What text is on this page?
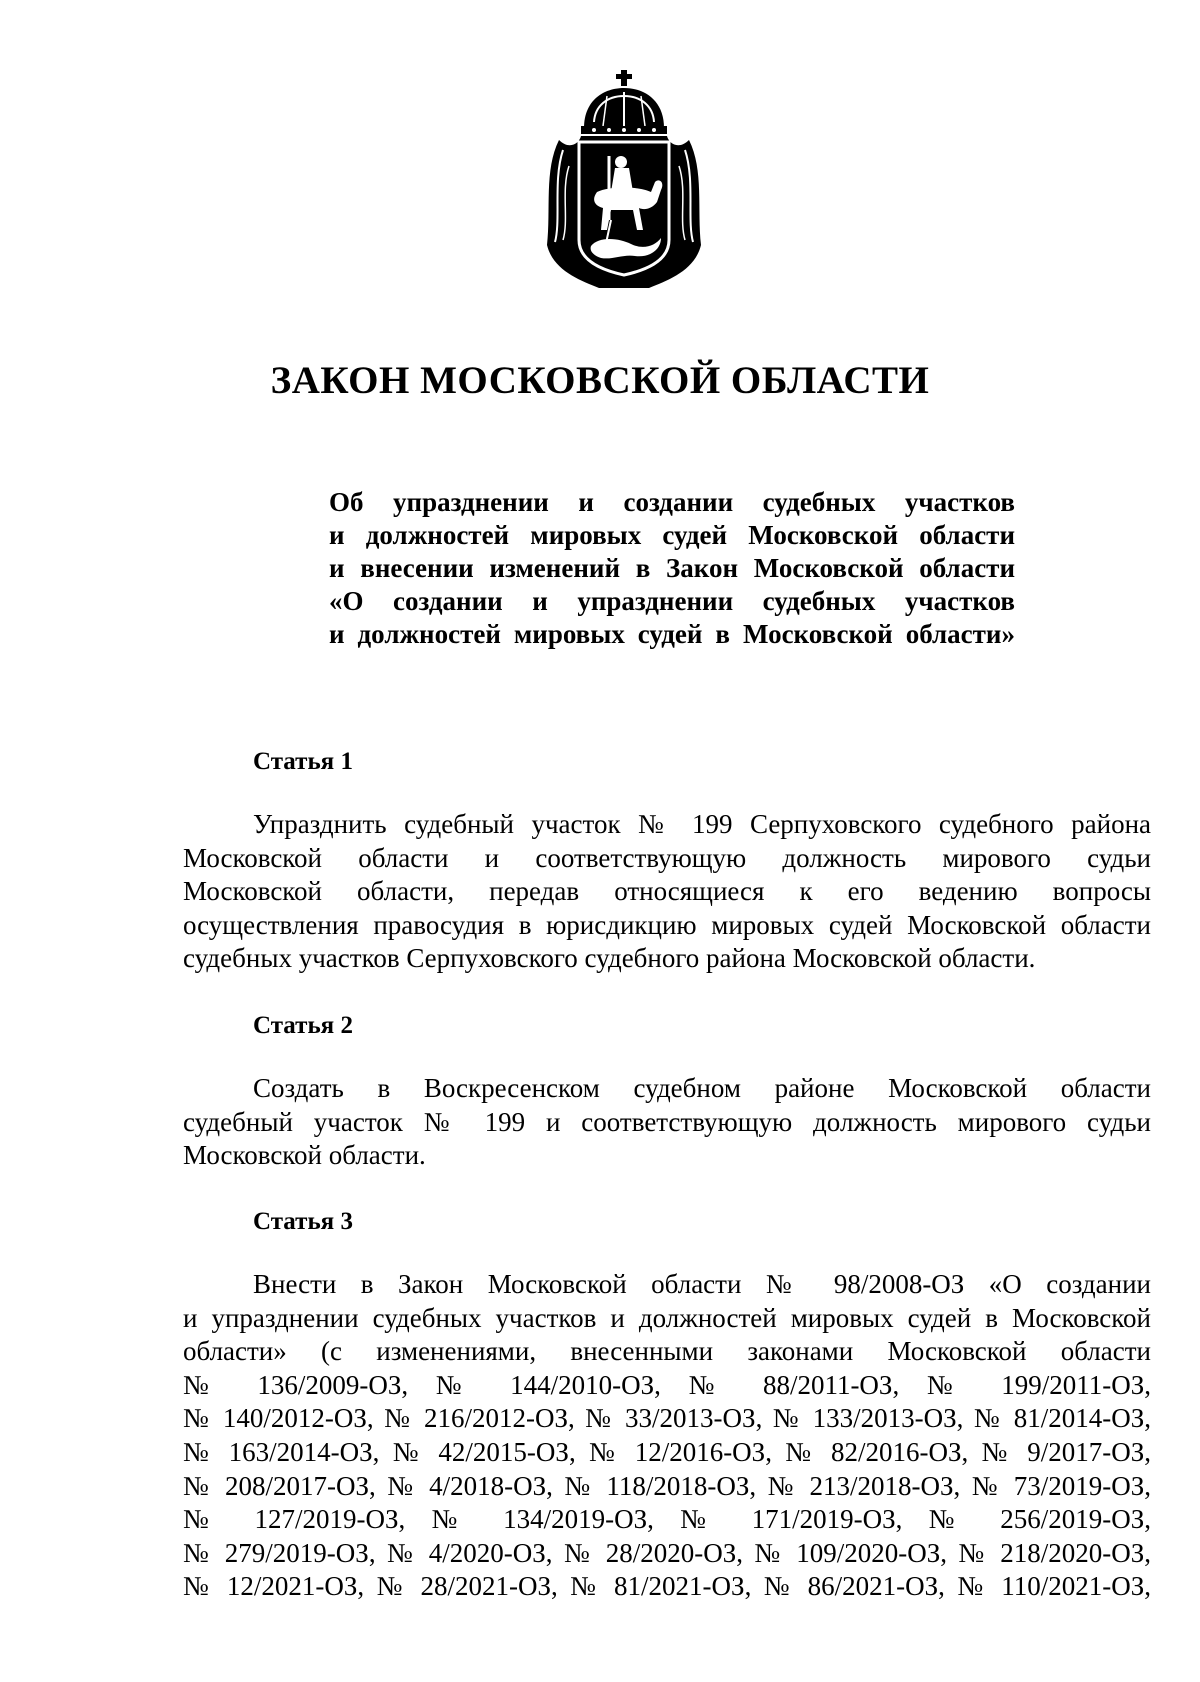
ЗАКОН МОСКОВСКОЙ ОБЛАСТИ
Об упразднении и создании судебных участков
и должностей мировых судей Московской области
и внесении изменений в Закон Московской области
«О создании и упразднении судебных участков
и должностей мировых судей в Московской области»
Статья 1
Упразднить судебный участок № 199 Серпуховского судебного района
Московской области и соответствующую должность мирового судьи
Московской области, передав относящиеся к его ведению вопросы
осуществления правосудия в юрисдикцию мировых судей Московской области
судебных участков Серпуховского судебного района Московской области.
Статья 2
Создать в Воскресенском судебном районе Московской области
судебный участок № 199 и соответствующую должность мирового судьи
Московской области.
Статья 3
Внести в Закон Московской области № 98/2008-ОЗ «О создании
и упразднении судебных участков и должностей мировых судей в Московской
области» (с изменениями, внесенными законами Московской области
№ 136/2009-ОЗ, № 144/2010-ОЗ, № 88/2011-ОЗ, № 199/2011-ОЗ,
№ 140/2012-ОЗ, № 216/2012-ОЗ, № 33/2013-ОЗ, № 133/2013-ОЗ, № 81/2014-ОЗ,
№ 163/2014-ОЗ, № 42/2015-ОЗ, № 12/2016-ОЗ, № 82/2016-ОЗ, № 9/2017-ОЗ,
№ 208/2017-ОЗ, № 4/2018-ОЗ, № 118/2018-ОЗ, № 213/2018-ОЗ, № 73/2019-ОЗ,
№ 127/2019-ОЗ, № 134/2019-ОЗ, № 171/2019-ОЗ, № 256/2019-ОЗ,
№ 279/2019-ОЗ, № 4/2020-ОЗ, № 28/2020-ОЗ, № 109/2020-ОЗ, № 218/2020-ОЗ,
№ 12/2021-ОЗ, № 28/2021-ОЗ, № 81/2021-ОЗ, № 86/2021-ОЗ, № 110/2021-ОЗ,
